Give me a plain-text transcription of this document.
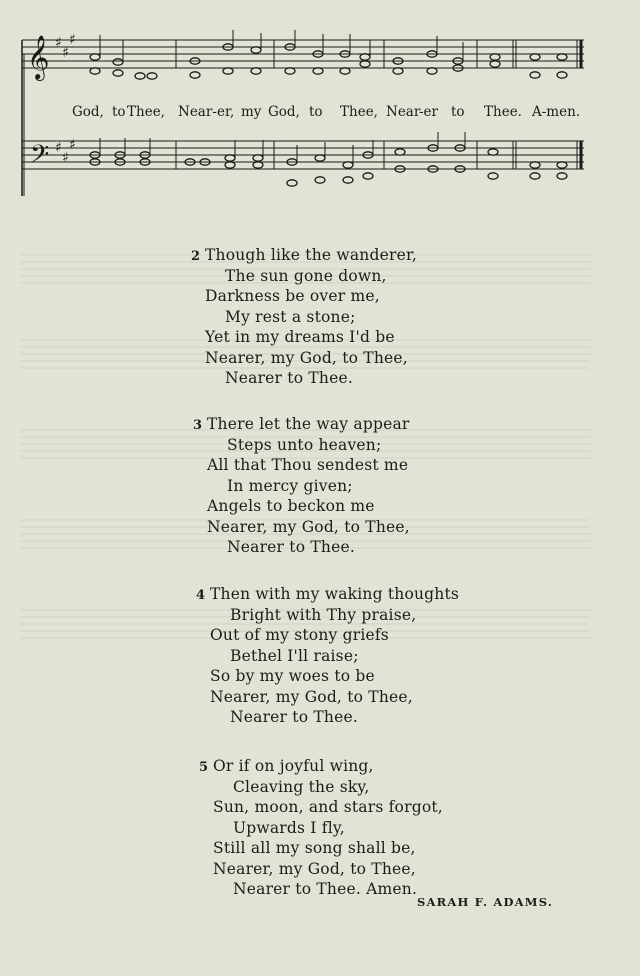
𝄞
𝄢
♯
♯
♯
♯
♯
♯
God, to Thee, Near- er, my God, to Thee, Near
-er to Thee. A-men.
2 Though like the wanderer,
The sun gone down,
Darkness be over me,
My rest a stone;
Yet in my dreams I'd be
Nearer, my God, to Thee,
Nearer to Thee.
3 There let the way appear
Steps unto heaven;
All that Thou sendest me
In mercy given;
Angels to beckon me
Nearer, my God, to Thee,
Nearer to Thee.
4 Then with my waking thoughts
Bright with Thy praise,
Out of my stony griefs
Bethel I'll raise;
So by my woes to be
Nearer, my God, to Thee,
Nearer to Thee.
5 Or if on joyful wing,
Cleaving the sky,
Sun, moon, and stars forgot,
Upwards I fly,
Still all my song shall be,
Nearer, my God, to Thee,
Nearer to Thee. Amen.
SARAH F. ADAMS.
